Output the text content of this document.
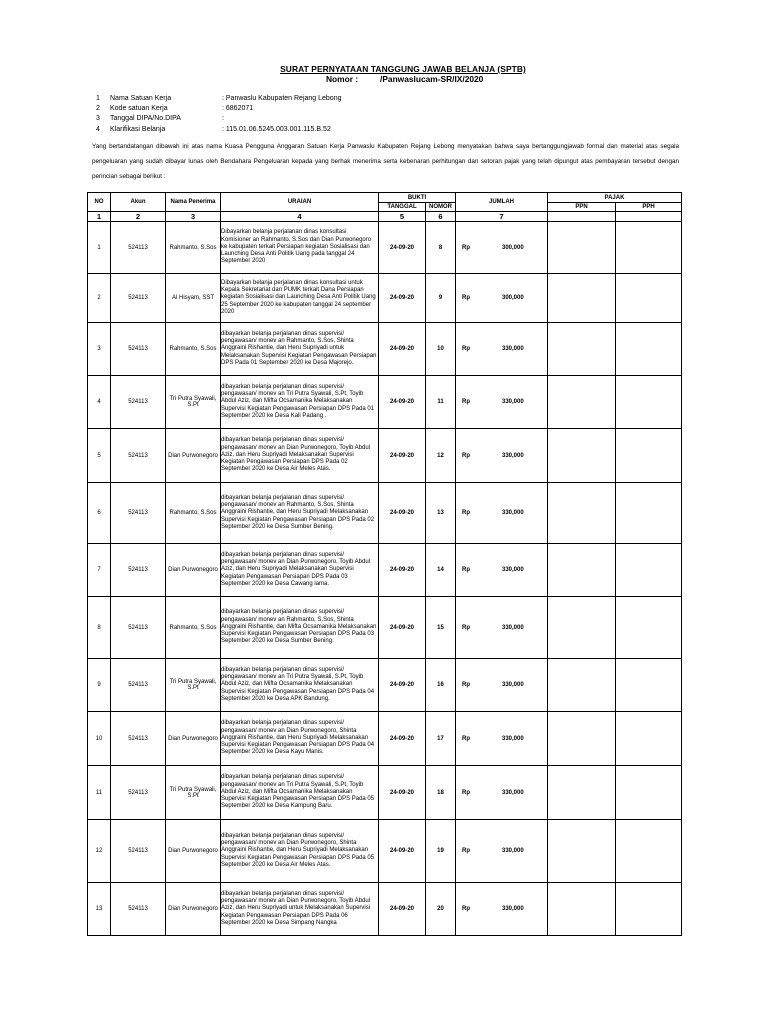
SURAT PERNYATAAN TANGGUNG JAWAB BELANJA (SPTB)
Nomor :	/Panwaslucam-SR/IX/2020
1	Nama Satuan Kerja	: Panwaslu Kabupaten Rejang Lebong
2	Kode satuan Kerja	: 6862071
3	Tanggal DIPA/No.DIPA	:
4	Klarifikasi Belanja	: 115.01.06.5245.003.001.115.B.52
Yang bertandatangan dibawah ini atas nama Kuasa Pengguna Anggaran Satuan Kerja Panwaslu Kabupaten Rejang Lebong menyatakan bahwa saya bertanggungjawab formal dan material atas segala pengeluaran yang sudah dibayar lunas oleh Bendahara Pengeluaran kepada yang berhak menerima serta kebenaran perhitungan dan setoran pajak yang telah dipungut atas pembayaran tersebut dengan perincian sebagai berikut :
NO	Akun	Nama Penerima	URAIAN	BUKTI		JUMLAH	PAJAK	
				TANGGAL	NOMOR		PPN	PPH
1	2	3	4	5	6	7		
1	524113	Rahmanto, S.Sos	Dibayarkan belanja perjalanan dinas konsultasi Komisioner an Rahmanto, S.Sos dan Dian Purwonegoro ke kabupaten terkait Persiapan kegiatan Sosialisasi dan Launching Desa Anti Politik Uang pada tanggal 24 September 2020	24-09-20	8	Rp 300,000		
2	524113	Al Hisyam, SST	Dibayarkan belanja perjalanan dinas konsultasi untuk Kepala Sekretariat dan PUMK terkait Dana Persiapan kegiatan Sosialisasi dan Launching Desa Anti Politik Uang 25 September 2020 ke kabupaten tanggal 24 september 2020	24-09-20	9	Rp 300,000		
3	524113	Rahmanto, S.Sos	dibayarkan belanja perjalanan dinas supervisi/ pengawasan/ monev an Rahmanto, S.Sos, Shinta Anggraini Rishantie, dan Heru Supriyadi untuk Melaksanakan Supervisi Kegiatan Pengawasan Persiapan DPS Pada 01 September 2020 ke Desa Majorejo.	24-09-20	10	Rp 330,000		
4	524113	Tri Putra Syawali, S.Pt	dibayarkan belanja perjalanan dinas supervisi/ pengawasan/ monev an Tri Putra Syawali, S.Pt, Toyib Abdul Aziz, dan Mifta Ocsamanika Melaksanakan Supervisi Kegiatan Pengawasan Persiapan DPS Pada 01 September 2020 ke Desa Kali Padang .	24-09-20	11	Rp 330,000		
5	524113	Dian Purwonegoro	dibayarkan belanja perjalanan dinas supervisi/ pengawasan/ monev an Dian Purwonegoro, Toyib Abdul Aziz, dan Heru Supriyadi Melaksanakan Supervisi Kegiatan Pengawasan Persiapan DPS Pada 02 September 2020 ke Desa Air Meles Atas.	24-09-20	12	Rp 330,000		
6	524113	Rahmanto, S.Sos	dibayarkan belanja perjalanan dinas supervisi/ pengawasan/ monev an Rahmanto, S.Sos, Shinta Anggraini Rishantie, dan Heru Supriyadi Melaksanakan Supervisi Kegiatan Pengawasan Persiapan DPS Pada 02 September 2020 ke Desa Sumber Bening.	24-09-20	13	Rp 330,000		
7	524113	Dian Purwonegoro	dibayarkan belanja perjalanan dinas supervisi/ pengawasan/ monev an Dian Purwonegoro, Toyib Abdul Aziz, dan Heru Supriyadi Melaksanakan Supervisi Kegiatan Pengawasan Persiapan DPS Pada 03 September 2020 ke Desa Cawang lama.	24-09-20	14	Rp 330,000		
8	524113	Rahmanto, S.Sos	dibayarkan belanja perjalanan dinas supervisi/ pengawasan/ monev an Rahmanto, S.Sos, Shinta Anggraini Rishantie, dan Mifta Ocsamanika Melaksanakan Supervisi Kegiatan Pengawasan Persiapan DPS Pada 03 September 2020 ke Desa Sumber Bening.	24-09-20	15	Rp 330,000		
9	524113	Tri Putra Syawali, S.Pt	dibayarkan belanja perjalanan dinas supervisi/ pengawasan/ monev an Tri Putra Syawali, S.Pt, Toyib Abdul Aziz, dan Mifta Ocsamanika Melaksanakan Supervisi Kegiatan Pengawasan Persiapan DPS Pada 04 September 2020 ke Desa APK Bandung.	24-09-20	16	Rp 330,000		
10	524113	Dian Purwonegoro	dibayarkan belanja perjalanan dinas supervisi/ pengawasan/ monev an Dian Purwonegoro, Shinta Anggraini Rishantie, dan Heru Supriyadi Melaksanakan Supervisi Kegiatan Pengawasan Persiapan DPS Pada 04 September 2020 ke Desa Kayu Manis.	24-09-20	17	Rp 330,000		
11	524113	Tri Putra Syawali, S.Pt	dibayarkan belanja perjalanan dinas supervisi/ pengawasan/ monev an Tri Putra Syawali, S.Pt, Toyib Abdul Aziz, dan Mifta Ocsamanika Melaksanakan Supervisi Kegiatan Pengawasan Persiapan DPS Pada 05 September 2020 ke Desa Kampung Baru.	24-09-20	18	Rp 330,000		
12	524113	Dian Purwonegoro	dibayarkan belanja perjalanan dinas supervisi/ pengawasan/ monev an Dian Purwonegoro, Shinta Anggraini Rishantie, dan Heru Supriyadi Melaksanakan Supervisi Kegiatan Pengawasan Persiapan DPS Pada 05 September 2020 ke Desa Air Meles Atas.	24-09-20	19	Rp 330,000		
13	524113	Dian Purwonegoro	dibayarkan belanja perjalanan dinas supervisi/ pengawasan/ monev an Dian Purwonegoro, Toyib Abdul Aziz, dan Heru Supriyadi untuk Melaksanakan Supervisi Kegiatan Pengawasan Persiapan DPS Pada 06 September 2020 ke Desa Simpang Nangka	24-09-20	20	Rp 330,000		
